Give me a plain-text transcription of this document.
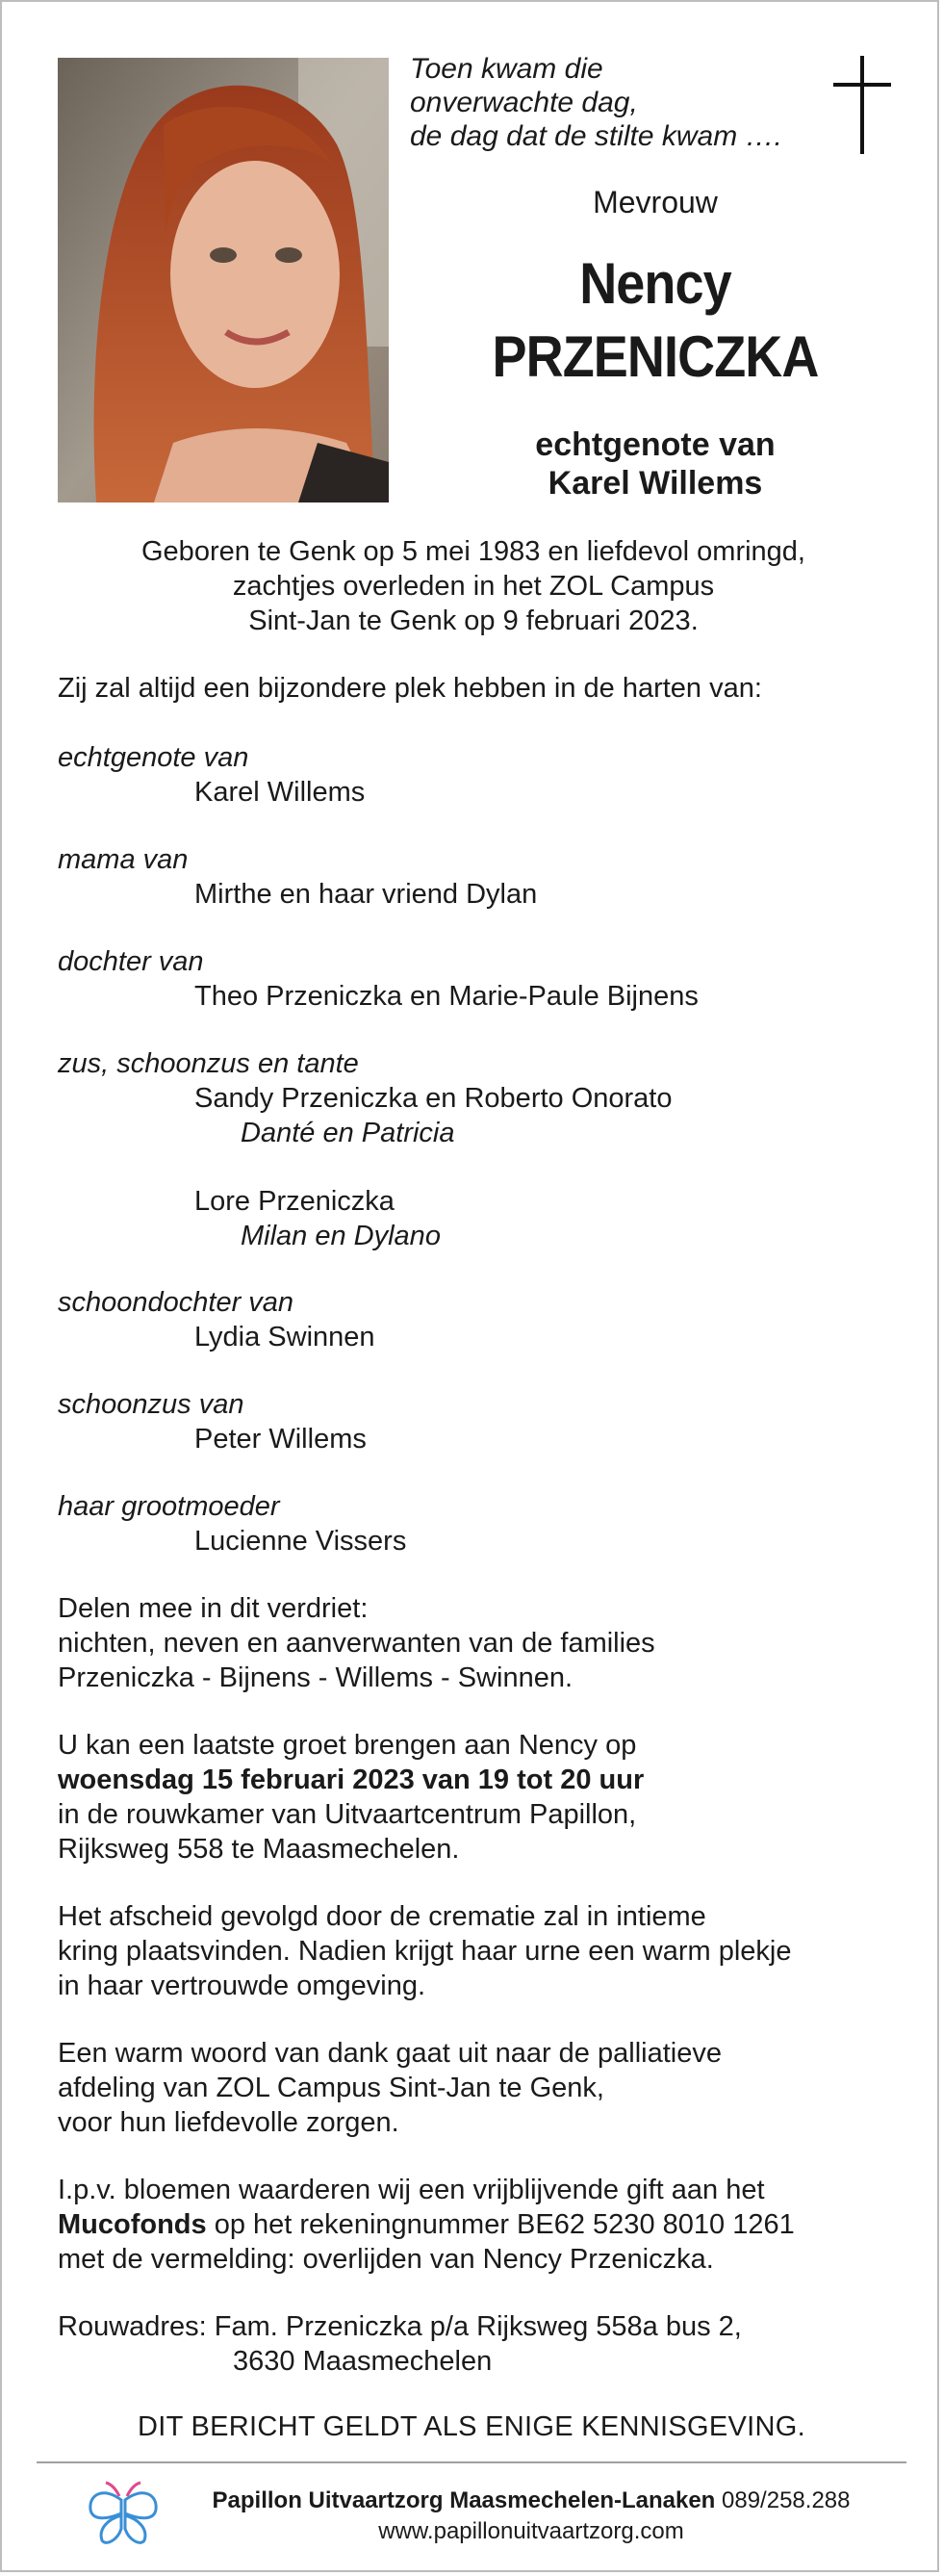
Toen kwam die
onverwachte dag,
de dag dat de stilte kwam ….
Mevrouw
Nency
PRZENICZKA
echtgenote van
Karel Willems
Geboren te Genk op 5 mei 1983 en liefdevol omringd,
zachtjes overleden in het ZOL Campus
Sint-Jan te Genk op 9 februari 2023.
Zij zal altijd een bijzondere plek hebben in de harten van:
echtgenote van
Karel Willems
mama van
Mirthe en haar vriend Dylan
dochter van
Theo Przeniczka en Marie-Paule Bijnens
zus, schoonzus en tante
Sandy Przeniczka en Roberto Onorato
Danté en Patricia
Lore Przeniczka
Milan en Dylano
schoondochter van
Lydia Swinnen
schoonzus van
Peter Willems
haar grootmoeder
Lucienne Vissers
Delen mee in dit verdriet:
nichten, neven en aanverwanten van de families
Przeniczka - Bijnens - Willems - Swinnen.
U kan een laatste groet brengen aan Nency op
woensdag 15 februari 2023 van 19 tot 20 uur
in de rouwkamer van Uitvaartcentrum Papillon,
Rijksweg 558 te Maasmechelen.
Het afscheid gevolgd door de crematie zal in intieme
kring plaatsvinden. Nadien krijgt haar urne een warm plekje
in haar vertrouwde omgeving.
Een warm woord van dank gaat uit naar de palliatieve
afdeling van ZOL Campus Sint-Jan te Genk,
voor hun liefdevolle zorgen.
I.p.v. bloemen waarderen wij een vrijblijvende gift aan het
Mucofonds op het rekeningnummer BE62 5230 8010 1261
met de vermelding: overlijden van Nency Przeniczka.
Rouwadres: Fam. Przeniczka p/a Rijksweg 558a bus 2,
3630 Maasmechelen
DIT BERICHT GELDT ALS ENIGE KENNISGEVING.
Papillon Uitvaartzorg Maasmechelen-Lanaken 089/258.288
www.papillonuitvaartzorg.com
